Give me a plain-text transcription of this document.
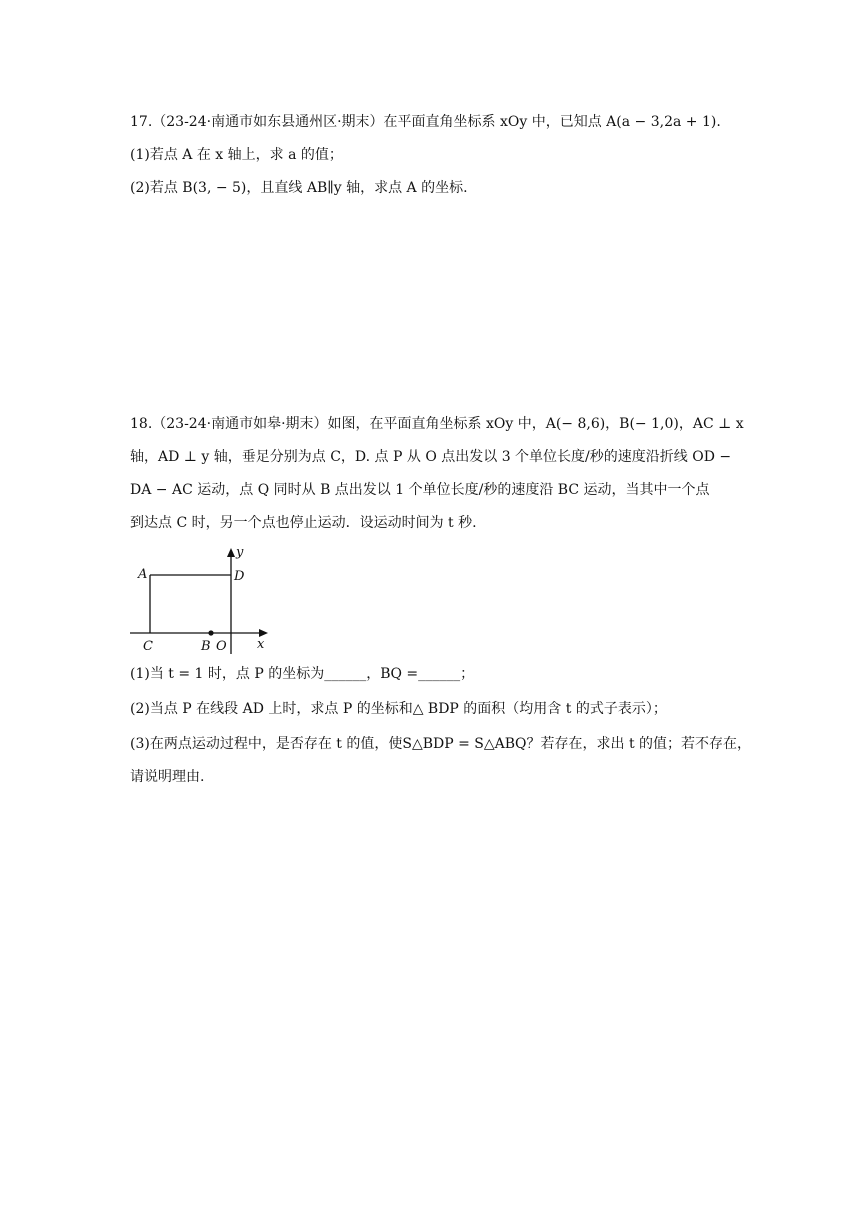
17.（23-24·南通市如东县通州区·期末）在平面直角坐标系 xOy 中，已知点 A(a − 3,2a + 1).
(1)若点 A 在 x 轴上，求 a 的值；
(2)若点 B(3, − 5)，且直线 AB∥y 轴，求点 A 的坐标.
18.（23-24·南通市如皋·期末）如图，在平面直角坐标系 xOy 中，A(− 8,6)，B(− 1,0)，AC ⊥ x
轴，AD ⊥ y 轴，垂足分别为点 C，D. 点 P 从 O 点出发以 3 个单位长度/秒的速度沿折线 OD −
DA − AC 运动，点 Q 同时从 B 点出发以 1 个单位长度/秒的速度沿 BC 运动，当其中一个点
到达点 C 时，另一个点也停止运动．设运动时间为 t 秒.
y
x
A	D
C	B O
(1)当 t = 1 时，点 P 的坐标为______，BQ =______；
(2)当点 P 在线段 AD 上时，求点 P 的坐标和△ BDP 的面积（均用含 t 的式子表示）；
(3)在两点运动过程中，是否存在 t 的值，使S△BDP = S△ABQ？若存在，求出 t 的值；若不存在，
请说明理由.
